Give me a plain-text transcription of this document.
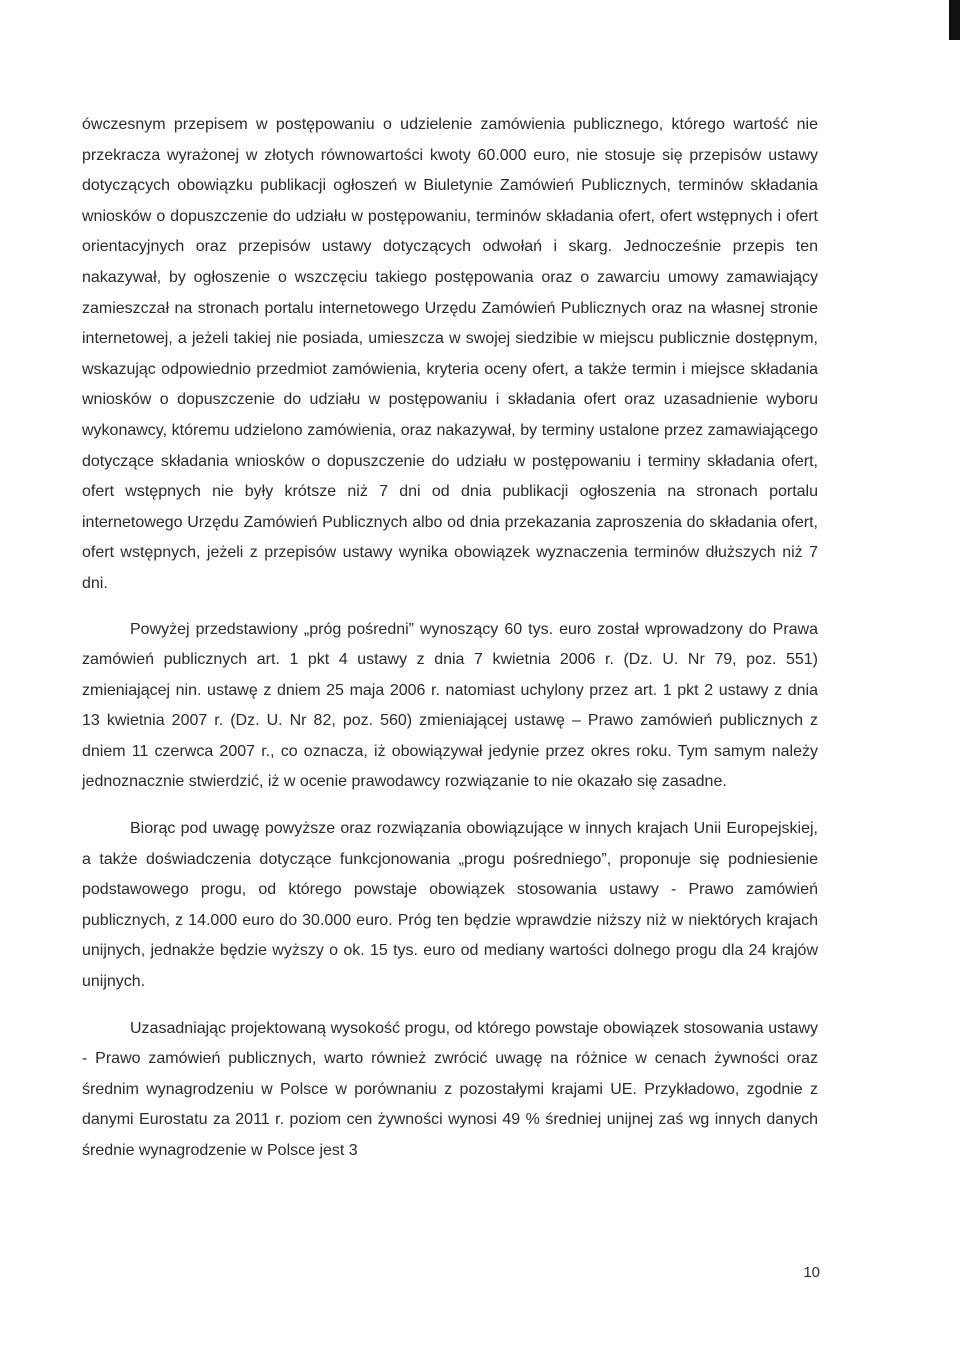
ówczesnym przepisem w postępowaniu o udzielenie zamówienia publicznego, którego wartość nie przekracza wyrażonej w złotych równowartości kwoty 60.000 euro, nie stosuje się przepisów ustawy dotyczących obowiązku publikacji ogłoszeń w Biuletynie Zamówień Publicznych, terminów składania wniosków o dopuszczenie do udziału w postępowaniu, terminów składania ofert, ofert wstępnych i ofert orientacyjnych oraz przepisów ustawy dotyczących odwołań i skarg. Jednocześnie przepis ten nakazywał, by ogłoszenie o wszczęciu takiego postępowania oraz o zawarciu umowy zamawiający zamieszczał na stronach portalu internetowego Urzędu Zamówień Publicznych oraz na własnej stronie internetowej, a jeżeli takiej nie posiada, umieszcza w swojej siedzibie w miejscu publicznie dostępnym, wskazując odpowiednio przedmiot zamówienia, kryteria oceny ofert, a także termin i miejsce składania wniosków o dopuszczenie do udziału w postępowaniu i składania ofert oraz uzasadnienie wyboru wykonawcy, któremu udzielono zamówienia, oraz nakazywał, by terminy ustalone przez zamawiającego dotyczące składania wniosków o dopuszczenie do udziału w postępowaniu i terminy składania ofert, ofert wstępnych nie były krótsze niż 7 dni od dnia publikacji ogłoszenia na stronach portalu internetowego Urzędu Zamówień Publicznych albo od dnia przekazania zaproszenia do składania ofert, ofert wstępnych, jeżeli z przepisów ustawy wynika obowiązek wyznaczenia terminów dłuższych niż 7 dni.

Powyżej przedstawiony „próg pośredni” wynoszący 60 tys. euro został wprowadzony do Prawa zamówień publicznych art. 1 pkt 4 ustawy z dnia 7 kwietnia 2006 r. (Dz. U. Nr 79, poz. 551) zmieniającej nin. ustawę z dniem 25 maja 2006 r. natomiast uchylony przez art. 1 pkt 2 ustawy z dnia 13 kwietnia 2007 r. (Dz. U. Nr 82, poz. 560) zmieniającej ustawę – Prawo zamówień publicznych z dniem 11 czerwca 2007 r., co oznacza, iż obowiązywał jedynie przez okres roku. Tym samym należy jednoznacznie stwierdzić, iż w ocenie prawodawcy rozwiązanie to nie okazało się zasadne.

Biorąc pod uwagę powyższe oraz rozwiązania obowiązujące w innych krajach Unii Europejskiej, a także doświadczenia dotyczące funkcjonowania „progu pośredniego”, proponuje się podniesienie podstawowego progu, od którego powstaje obowiązek stosowania ustawy - Prawo zamówień publicznych, z 14.000 euro do 30.000 euro. Próg ten będzie wprawdzie niższy niż w niektórych krajach unijnych, jednakże będzie wyższy o ok. 15 tys. euro od mediany wartości dolnego progu dla 24 krajów unijnych.

Uzasadniając projektowaną wysokość progu, od którego powstaje obowiązek stosowania ustawy - Prawo zamówień publicznych, warto również zwrócić uwagę na różnice w cenach żywności oraz średnim wynagrodzeniu w Polsce w porównaniu z pozostałymi krajami UE. Przykładowo, zgodnie z danymi Eurostatu za 2011 r. poziom cen żywności wynosi 49 % średniej unijnej zaś wg innych danych średnie wynagrodzenie w Polsce jest 3

10
